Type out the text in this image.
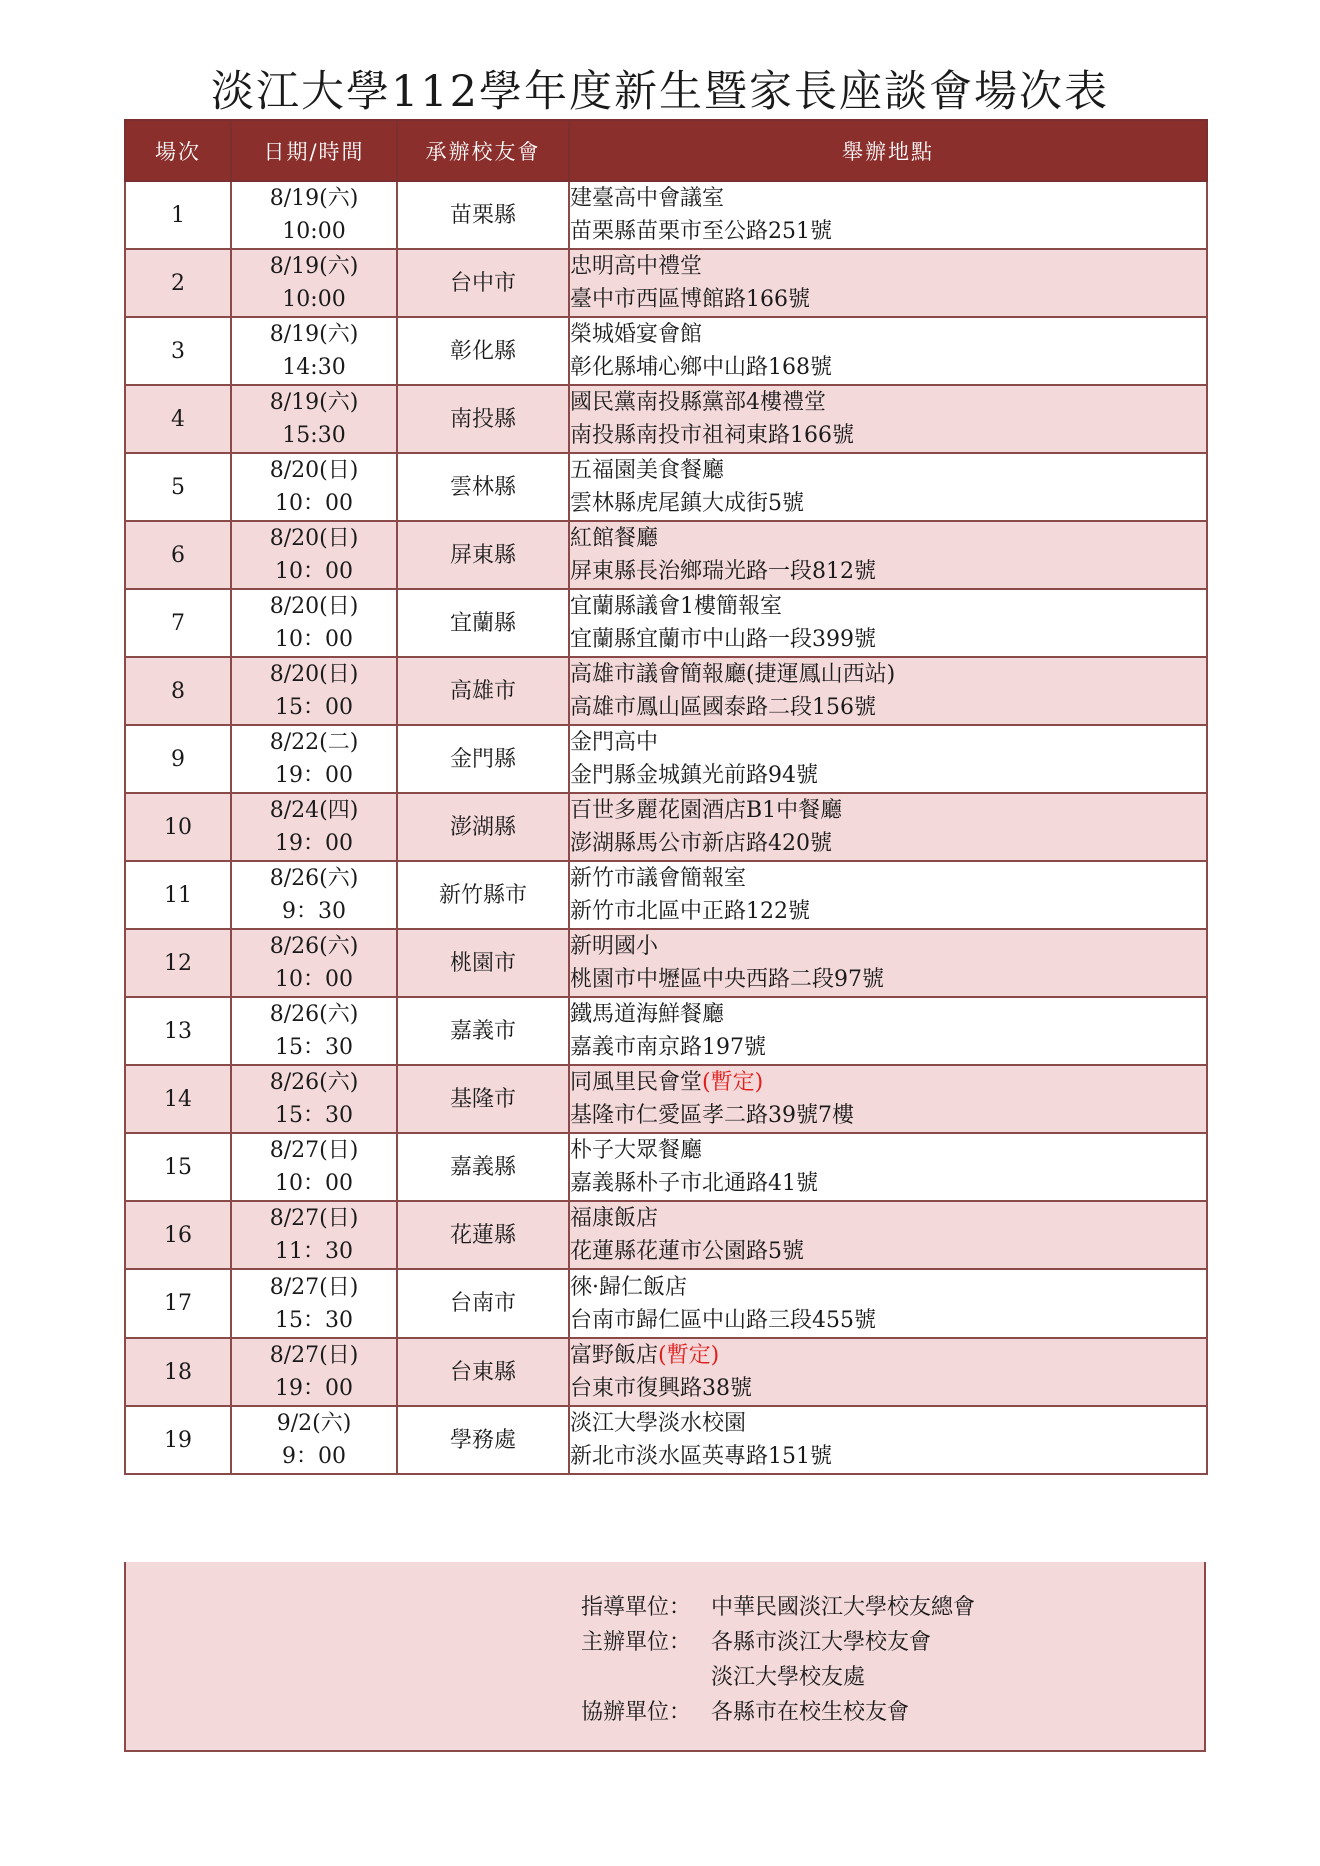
淡江大學112學年度新生暨家長座談會場次表
場次	日期/時間	承辦校友會	舉辦地點
1	8/19(六)
10:00	苗栗縣	建臺高中會議室
苗栗縣苗栗市至公路251號

2	8/19(六)
10:00	台中市	忠明高中禮堂
臺中市西區博館路166號

3	8/19(六)
14:30	彰化縣	榮城婚宴會館
彰化縣埔心鄉中山路168號

4	8/19(六)
15:30	南投縣	國民黨南投縣黨部4樓禮堂
南投縣南投市祖祠東路166號

5	8/20(日)
10：00	雲林縣	五福園美食餐廳
雲林縣虎尾鎮大成街5號

6	8/20(日)
10：00	屏東縣	紅館餐廳
屏東縣長治鄉瑞光路一段812號

7	8/20(日)
10：00	宜蘭縣	宜蘭縣議會1樓簡報室
宜蘭縣宜蘭市中山路一段399號

8	8/20(日)
15：00	高雄市	高雄市議會簡報廳(捷運鳳山西站)
高雄市鳳山區國泰路二段156號

9	8/22(二)
19：00	金門縣	金門高中
金門縣金城鎮光前路94號

10	8/24(四)
19：00	澎湖縣	百世多麗花園酒店B1中餐廳
澎湖縣馬公市新店路420號

11	8/26(六)
9：30	新竹縣市	新竹市議會簡報室
新竹市北區中正路122號

12	8/26(六)
10：00	桃園市	新明國小
桃園市中壢區中央西路二段97號

13	8/26(六)
15：30	嘉義市	鐵馬道海鮮餐廳
嘉義市南京路197號

14	8/26(六)
15：30	基隆市	同風里民會堂(暫定)
基隆市仁愛區孝二路39號7樓

15	8/27(日)
10：00	嘉義縣	朴子大眾餐廳
嘉義縣朴子市北通路41號

16	8/27(日)
11：30	花蓮縣	福康飯店
花蓮縣花蓮市公園路5號

17	8/27(日)
15：30	台南市	徠·歸仁飯店
台南市歸仁區中山路三段455號

18	8/27(日)
19：00	台東縣	富野飯店(暫定)
台東市復興路38號

19	9/2(六)
9：00	學務處	淡江大學淡水校園
新北市淡水區英專路151號
指導單位： 中華民國淡江大學校友總會
主辦單位： 各縣市淡江大學校友會
淡江大學校友處
協辦單位： 各縣市在校生校友會
